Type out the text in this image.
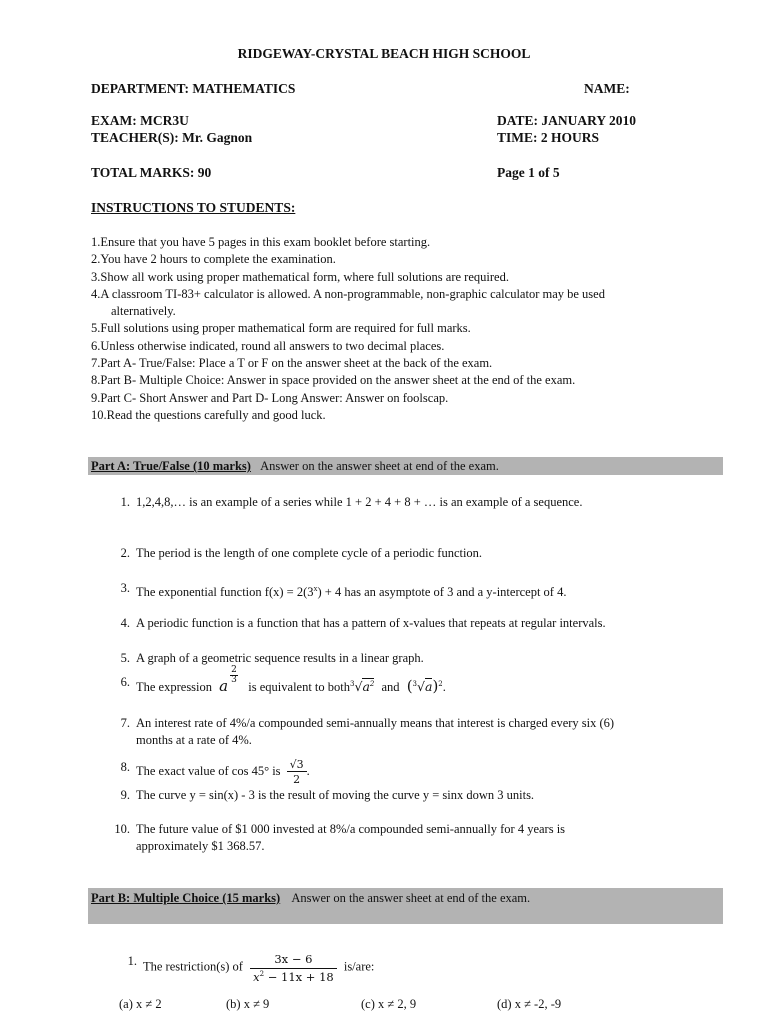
RIDGEWAY-CRYSTAL BEACH HIGH SCHOOL
DEPARTMENT: MATHEMATICS	NAME:
EXAM: MCR3U	DATE: JANUARY 2010
TEACHER(S): Mr. Gagnon	TIME: 2 HOURS
TOTAL MARKS: 90	Page 1 of 5
INSTRUCTIONS TO STUDENTS:
1.Ensure that you have 5 pages in this exam booklet before starting.
2.You have 2 hours to complete the examination.
3.Show all work using proper mathematical form, where full solutions are required.
4.A classroom TI-83+ calculator is allowed. A non-programmable, non-graphic calculator may be used
alternatively.
5.Full solutions using proper mathematical form are required for full marks.
6.Unless otherwise indicated, round all answers to two decimal places.
7.Part A- True/False: Place a T or F on the answer sheet at the back of the exam.
8.Part B- Multiple Choice: Answer in space provided on the answer sheet at the end of the exam.
9.Part C- Short Answer and Part D- Long Answer: Answer on foolscap.
10.Read the questions carefully and good luck.
Part A: True/False (10 marks) Answer on the answer sheet at end of the exam.
1. 1,2,4,8,… is an example of a series while 1 + 2 + 4 + 8 + … is an example of a sequence.
2. The period is the length of one complete cycle of a periodic function.
3. The exponential function $f(x) = 2(3^x) + 4$ has an asymptote of 3 and a y-intercept of 4.
4. A periodic function is a function that has a pattern of x-values that repeats at regular intervals.
5. A graph of a geometric sequence results in a linear graph.
6. The expression a
$\frac{2}{3}$
is equivalent to $both^3√a^2$ and $(^3√a)^2$.
7. An interest rate of 4%/a compounded semi-annually means that interest is charged every six (6)
months at a rate of 4%.
8. The exact value of cos 45° is $\frac{√3}{2}$ .
9. The curve y = sin(x) - 3 is the result of moving the curve y = sinx down 3 units.
10. The future value of $1 000 invested at 8%/a compounded semi-annually for 4 years is
approximately $1 368.57.
Part B: Multiple Choice (15 marks) Answer on the answer sheet at end of the exam.
1. The restriction(s) of $\frac{3x - 6}{x^2 - 11x + 18} is/are$:
(a) x ≠ 2	(b) x ≠ 9	(c) x ≠ 2, 9	(d) x ≠ -2, -9
